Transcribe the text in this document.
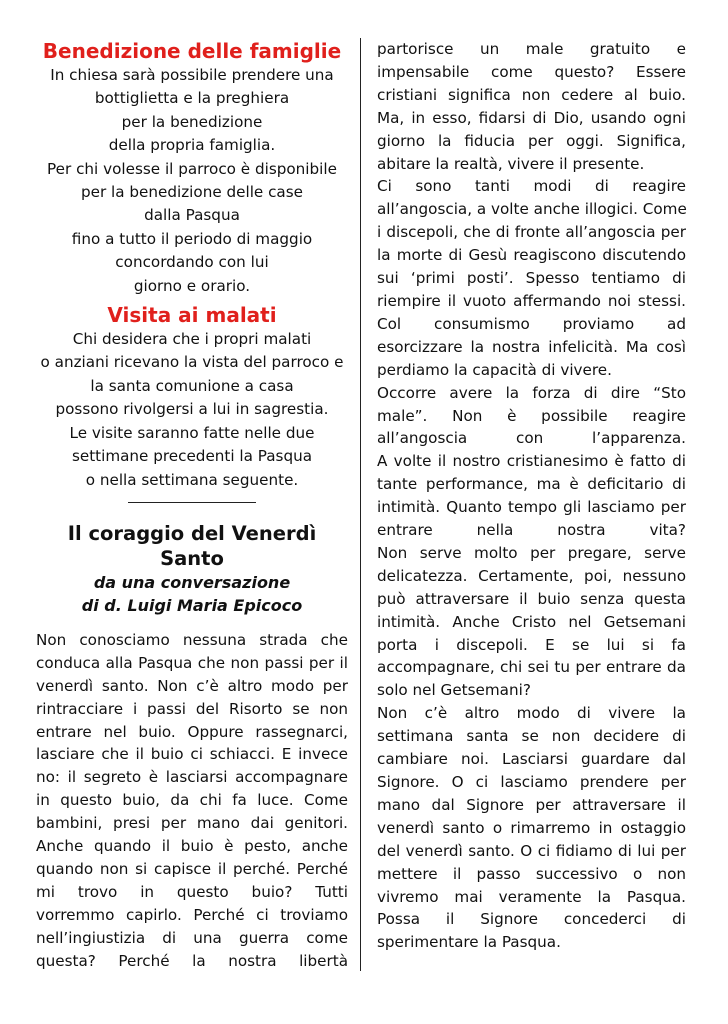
Benedizione delle famiglie

In chiesa sarà possibile prendere una

bottiglietta e la preghiera

per la benedizione

della propria famiglia.

Per chi volesse il parroco è disponibile

per la benedizione delle case

dalla Pasqua

fino a tutto il periodo di maggio

concordando con lui

giorno e orario.

Visita ai malati

Chi desidera che i propri malati

o anziani ricevano la vista del parroco e

la santa comunione a casa

possono rivolgersi a lui in sagrestia.

Le visite saranno fatte nelle due

settimane precedenti la Pasqua

o nella settimana seguente.

Il coraggio del Venerdì Santo

da una conversazione

di d. Luigi Maria Epicoco

Non conosciamo nessuna strada che
conduca alla Pasqua che non passi per il
venerdì santo. Non c’è altro modo per
rintracciare i passi del Risorto se non
entrare nel buio. Oppure rassegnarci,
lasciare che il buio ci schiacci. E invece
no: il segreto è lasciarsi accompagnare
in questo buio, da chi fa luce. Come
bambini, presi per mano dai genitori.
Anche quando il buio è pesto, anche
quando non si capisce il perché. Perché
mi trovo in questo buio? Tutti
vorremmo capirlo. Perché ci troviamo
nell’ingiustizia di una guerra come
questa? Perché la nostra libertà
partorisce un male gratuito e
impensabile come questo? Essere
cristiani significa non cedere al buio.
Ma, in esso, fidarsi di Dio, usando ogni
giorno la fiducia per oggi. Significa,
abitare la realtà, vivere il presente.
Ci sono tanti modi di reagire
all’angoscia, a volte anche illogici. Come
i discepoli, che di fronte all’angoscia per
la morte di Gesù reagiscono discutendo
sui ‘primi posti’. Spesso tentiamo di
riempire il vuoto affermando noi stessi.
Col consumismo proviamo ad
esorcizzare la nostra infelicità. Ma così
perdiamo la capacità di vivere.
Occorre avere la forza di dire “Sto
male”. Non è possibile reagire
all’angoscia con l’apparenza.
A volte il nostro cristianesimo è fatto di
tante performance, ma è deficitario di
intimità. Quanto tempo gli lasciamo per
entrare nella nostra vita?
Non serve molto per pregare, serve
delicatezza. Certamente, poi, nessuno
può attraversare il buio senza questa
intimità. Anche Cristo nel Getsemani
porta i discepoli. E se lui si fa
accompagnare, chi sei tu per entrare da
solo nel Getsemani?
Non c’è altro modo di vivere la
settimana santa se non decidere di
cambiare noi. Lasciarsi guardare dal
Signore. O ci lasciamo prendere per
mano dal Signore per attraversare il
venerdì santo o rimarremo in ostaggio
del venerdì santo. O ci fidiamo di lui per
mettere il passo successivo o non
vivremo mai veramente la Pasqua.
Possa il Signore concederci di
sperimentare la Pasqua.
